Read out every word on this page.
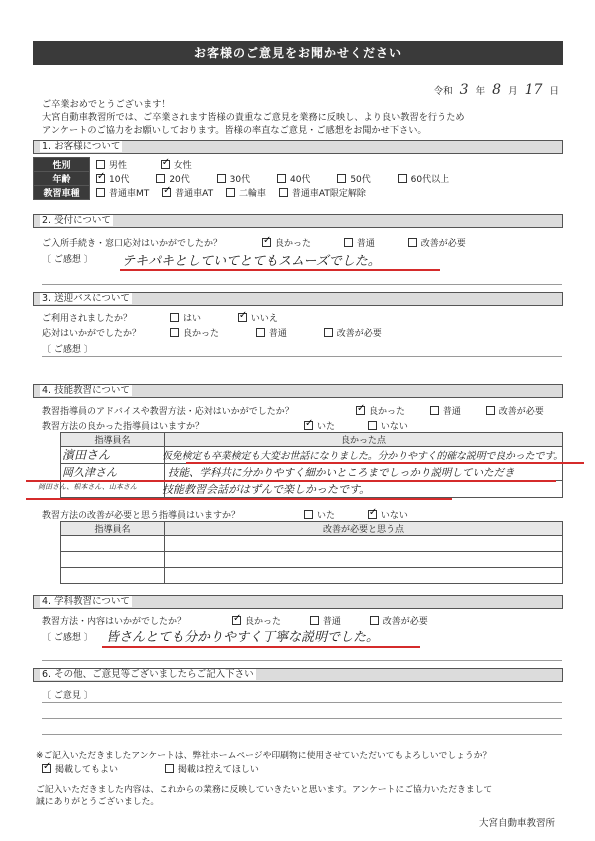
お客様のご意見をお聞かせください
令和 3 年 8 月 17 日
ご卒業おめでとうございます！
大宮自動車教習所では、ご卒業されます皆様の貴重なご意見を業務に反映し、より良い教習を行うため
アンケートのご協力をお願いしております。皆様の率直なご意見・ご感想をお聞かせ下さい。
1. お客様について
性別	男性 ✓ 女性
年齢	✓10代 20代 30代 40代 50代 60代以上
教習車種	普通車MT ✓ 普通車AT 二輪車 普通車AT限定解除
2. 受付について
ご入所手続き・窓口応対はいかがでしたか？ ✓	良かった	普通	改善が必要
〔 ご感想 〕 テキパキとしていてとてもスムーズでした。
3. 送迎バスについて
ご利用されましたか？	はい ✓	いいえ
応対はいかがでしたか？	良かった	普通	改善が必要
〔 ご感想 〕
4. 技能教習について
教習指導員のアドバイスや教習方法・応対はいかがでしたか？ ✓	良かった	普通	改善が必要
教習方法の良かった指導員はいますか？ ✓	いた	いない
指導員名	良かった点

濱田さん	仮免検定も卒業検定も大変お世話になりました。分かりやすく的確な説明で良かったです。
岡久津さん	技能、学科共に分かりやすく細かいところまでしっかり説明していただき
岡田さん、根本さん、山本さん 技能教習会話がはずんで楽しかったです。
教習方法の改善が必要と思う指導員はいますか？	いた ✓	いない
指導員名	改善が必要と思う点

4. 学科教習について
教習方法・内容はいかがでしたか？ ✓	良かった	普通	改善が必要
〔 ご感想 〕 皆さんとても分かりやすく丁寧な説明でした。
6. その他、ご意見等ございましたらご記入下さい
〔 ご意見 〕
※ご記入いただきましたアンケートは、弊社ホームページや印刷物に使用させていただいてもよろしいでしょうか？
✓掲載してもよい	掲載は控えてほしい
ご記入いただきました内容は、これからの業務に反映していきたいと思います。アンケートにご協力いただきまして
誠にありがとうございました。
大宮自動車教習所
